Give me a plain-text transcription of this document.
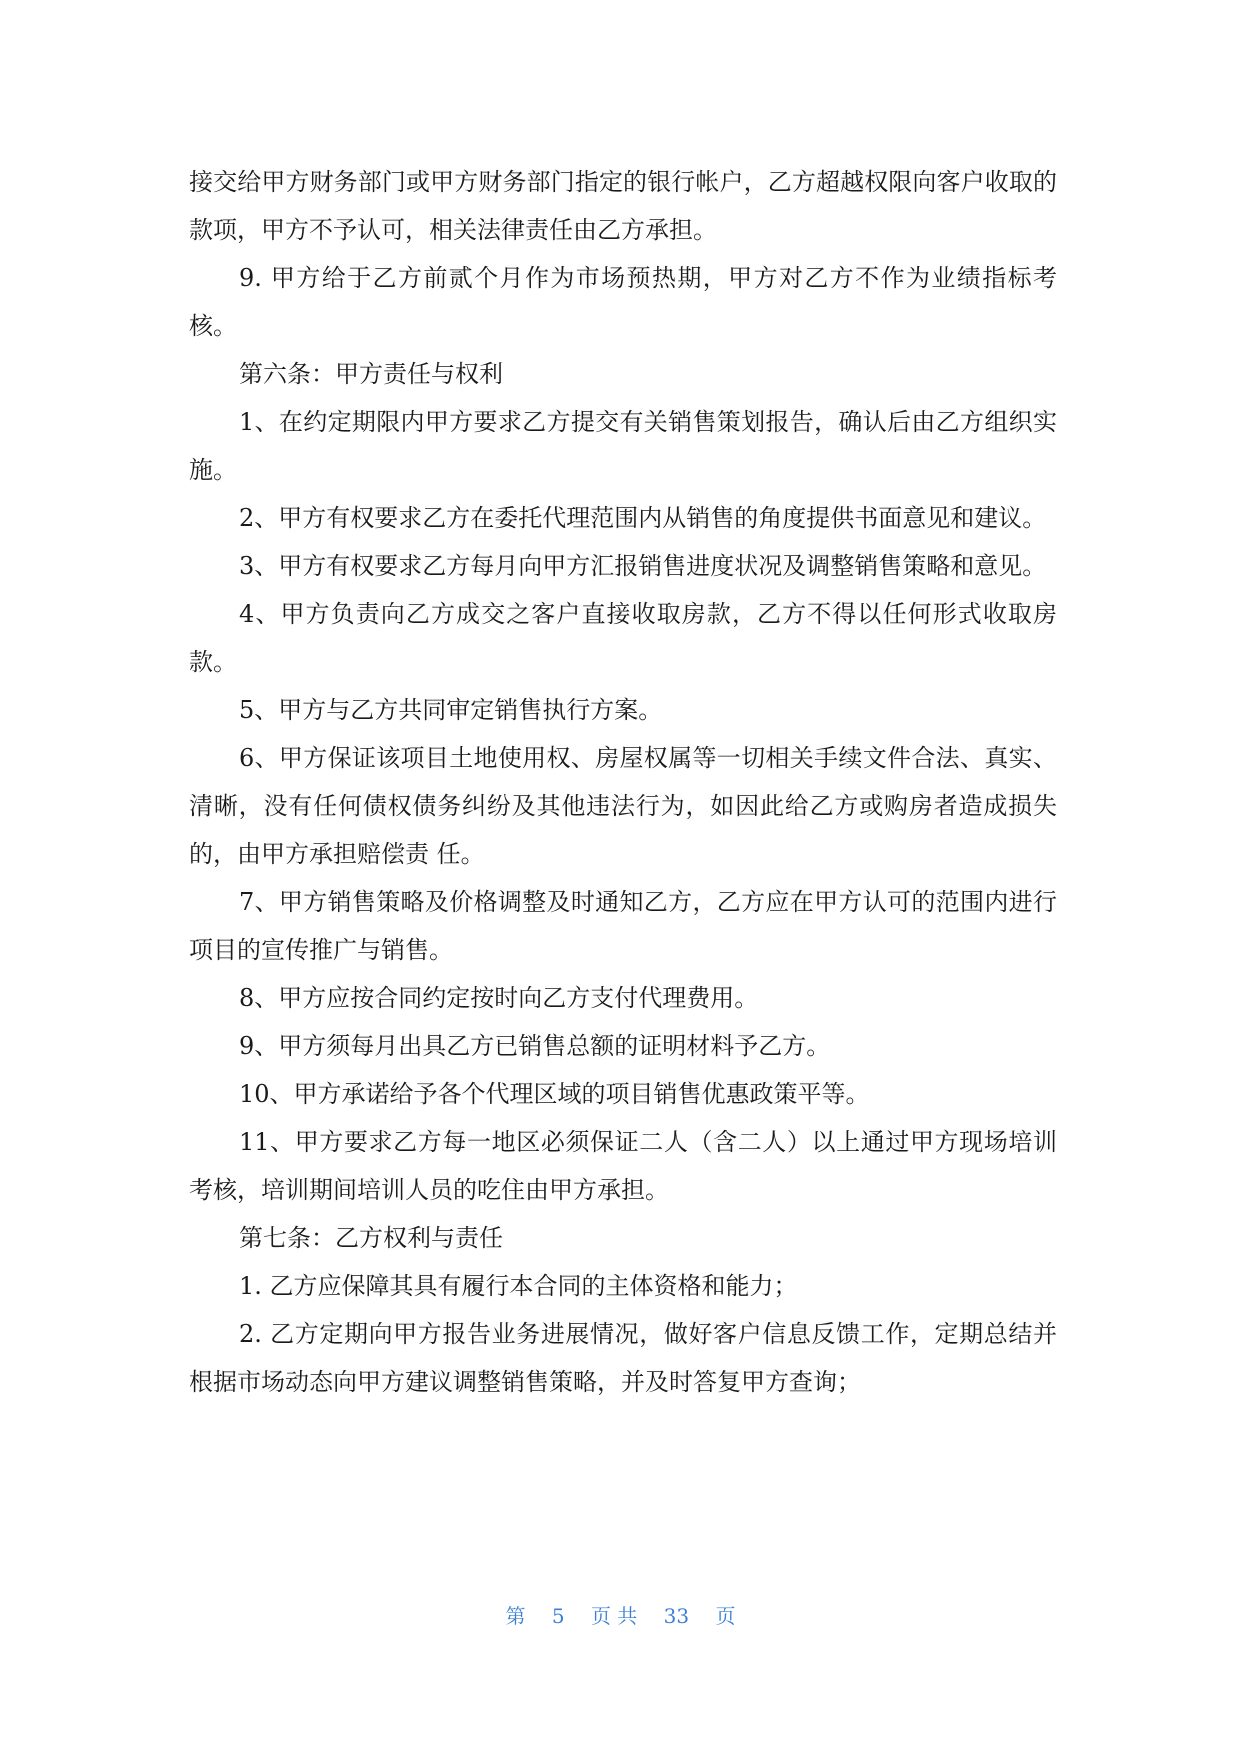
接交给甲方财务部门或甲方财务部门指定的银行帐户，乙方超越权限向客户收取的款项，甲方不予认可，相关法律责任由乙方承担。

9. 甲方给于乙方前贰个月作为市场预热期，甲方对乙方不作为业绩指标考核。

第六条：甲方责任与权利

1、在约定期限内甲方要求乙方提交有关销售策划报告，确认后由乙方组织实施。

2、甲方有权要求乙方在委托代理范围内从销售的角度提供书面意见和建议。

3、甲方有权要求乙方每月向甲方汇报销售进度状况及调整销售策略和意见。

4、甲方负责向乙方成交之客户直接收取房款，乙方不得以任何形式收取房款。

5、甲方与乙方共同审定销售执行方案。

6、甲方保证该项目土地使用权、房屋权属等一切相关手续文件合法、真实、清晰，没有任何债权债务纠纷及其他违法行为，如因此给乙方或购房者造成损失的，由甲方承担赔偿责 任。

7、甲方销售策略及价格调整及时通知乙方，乙方应在甲方认可的范围内进行项目的宣传推广与销售。

8、甲方应按合同约定按时向乙方支付代理费用。

9、甲方须每月出具乙方已销售总额的证明材料予乙方。

10、甲方承诺给予各个代理区域的项目销售优惠政策平等。

11、甲方要求乙方每一地区必须保证二人（含二人）以上通过甲方现场培训考核，培训期间培训人员的吃住由甲方承担。

第七条：乙方权利与责任

1. 乙方应保障其具有履行本合同的主体资格和能力；

2. 乙方定期向甲方报告业务进展情况，做好客户信息反馈工作，定期总结并根据市场动态向甲方建议调整销售策略，并及时答复甲方查询；

第 5 页 共 33 页
